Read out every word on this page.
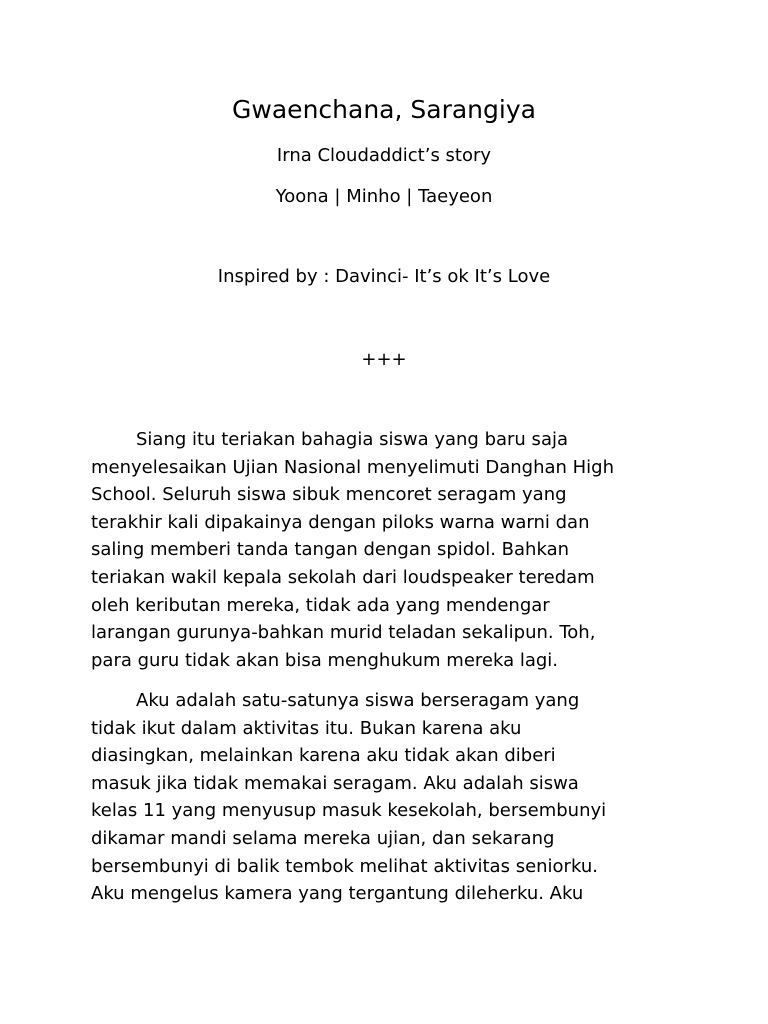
Gwaenchana, Sarangiya
Irna Cloudaddict’s story
Yoona | Minho | Taeyeon
Inspired by : Davinci- It’s ok It’s Love
+++
Siang itu teriakan bahagia siswa yang baru saja
menyelesaikan Ujian Nasional menyelimuti Danghan High
School. Seluruh siswa sibuk mencoret seragam yang
terakhir kali dipakainya dengan piloks warna warni dan
saling memberi tanda tangan dengan spidol. Bahkan
teriakan wakil kepala sekolah dari loudspeaker teredam
oleh keributan mereka, tidak ada yang mendengar
larangan gurunya-bahkan murid teladan sekalipun. Toh,
para guru tidak akan bisa menghukum mereka lagi.
Aku adalah satu-satunya siswa berseragam yang
tidak ikut dalam aktivitas itu. Bukan karena aku
diasingkan, melainkan karena aku tidak akan diberi
masuk jika tidak memakai seragam. Aku adalah siswa
kelas 11 yang menyusup masuk kesekolah, bersembunyi
dikamar mandi selama mereka ujian, dan sekarang
bersembunyi di balik tembok melihat aktivitas seniorku.
Aku mengelus kamera yang tergantung dileherku. Aku
